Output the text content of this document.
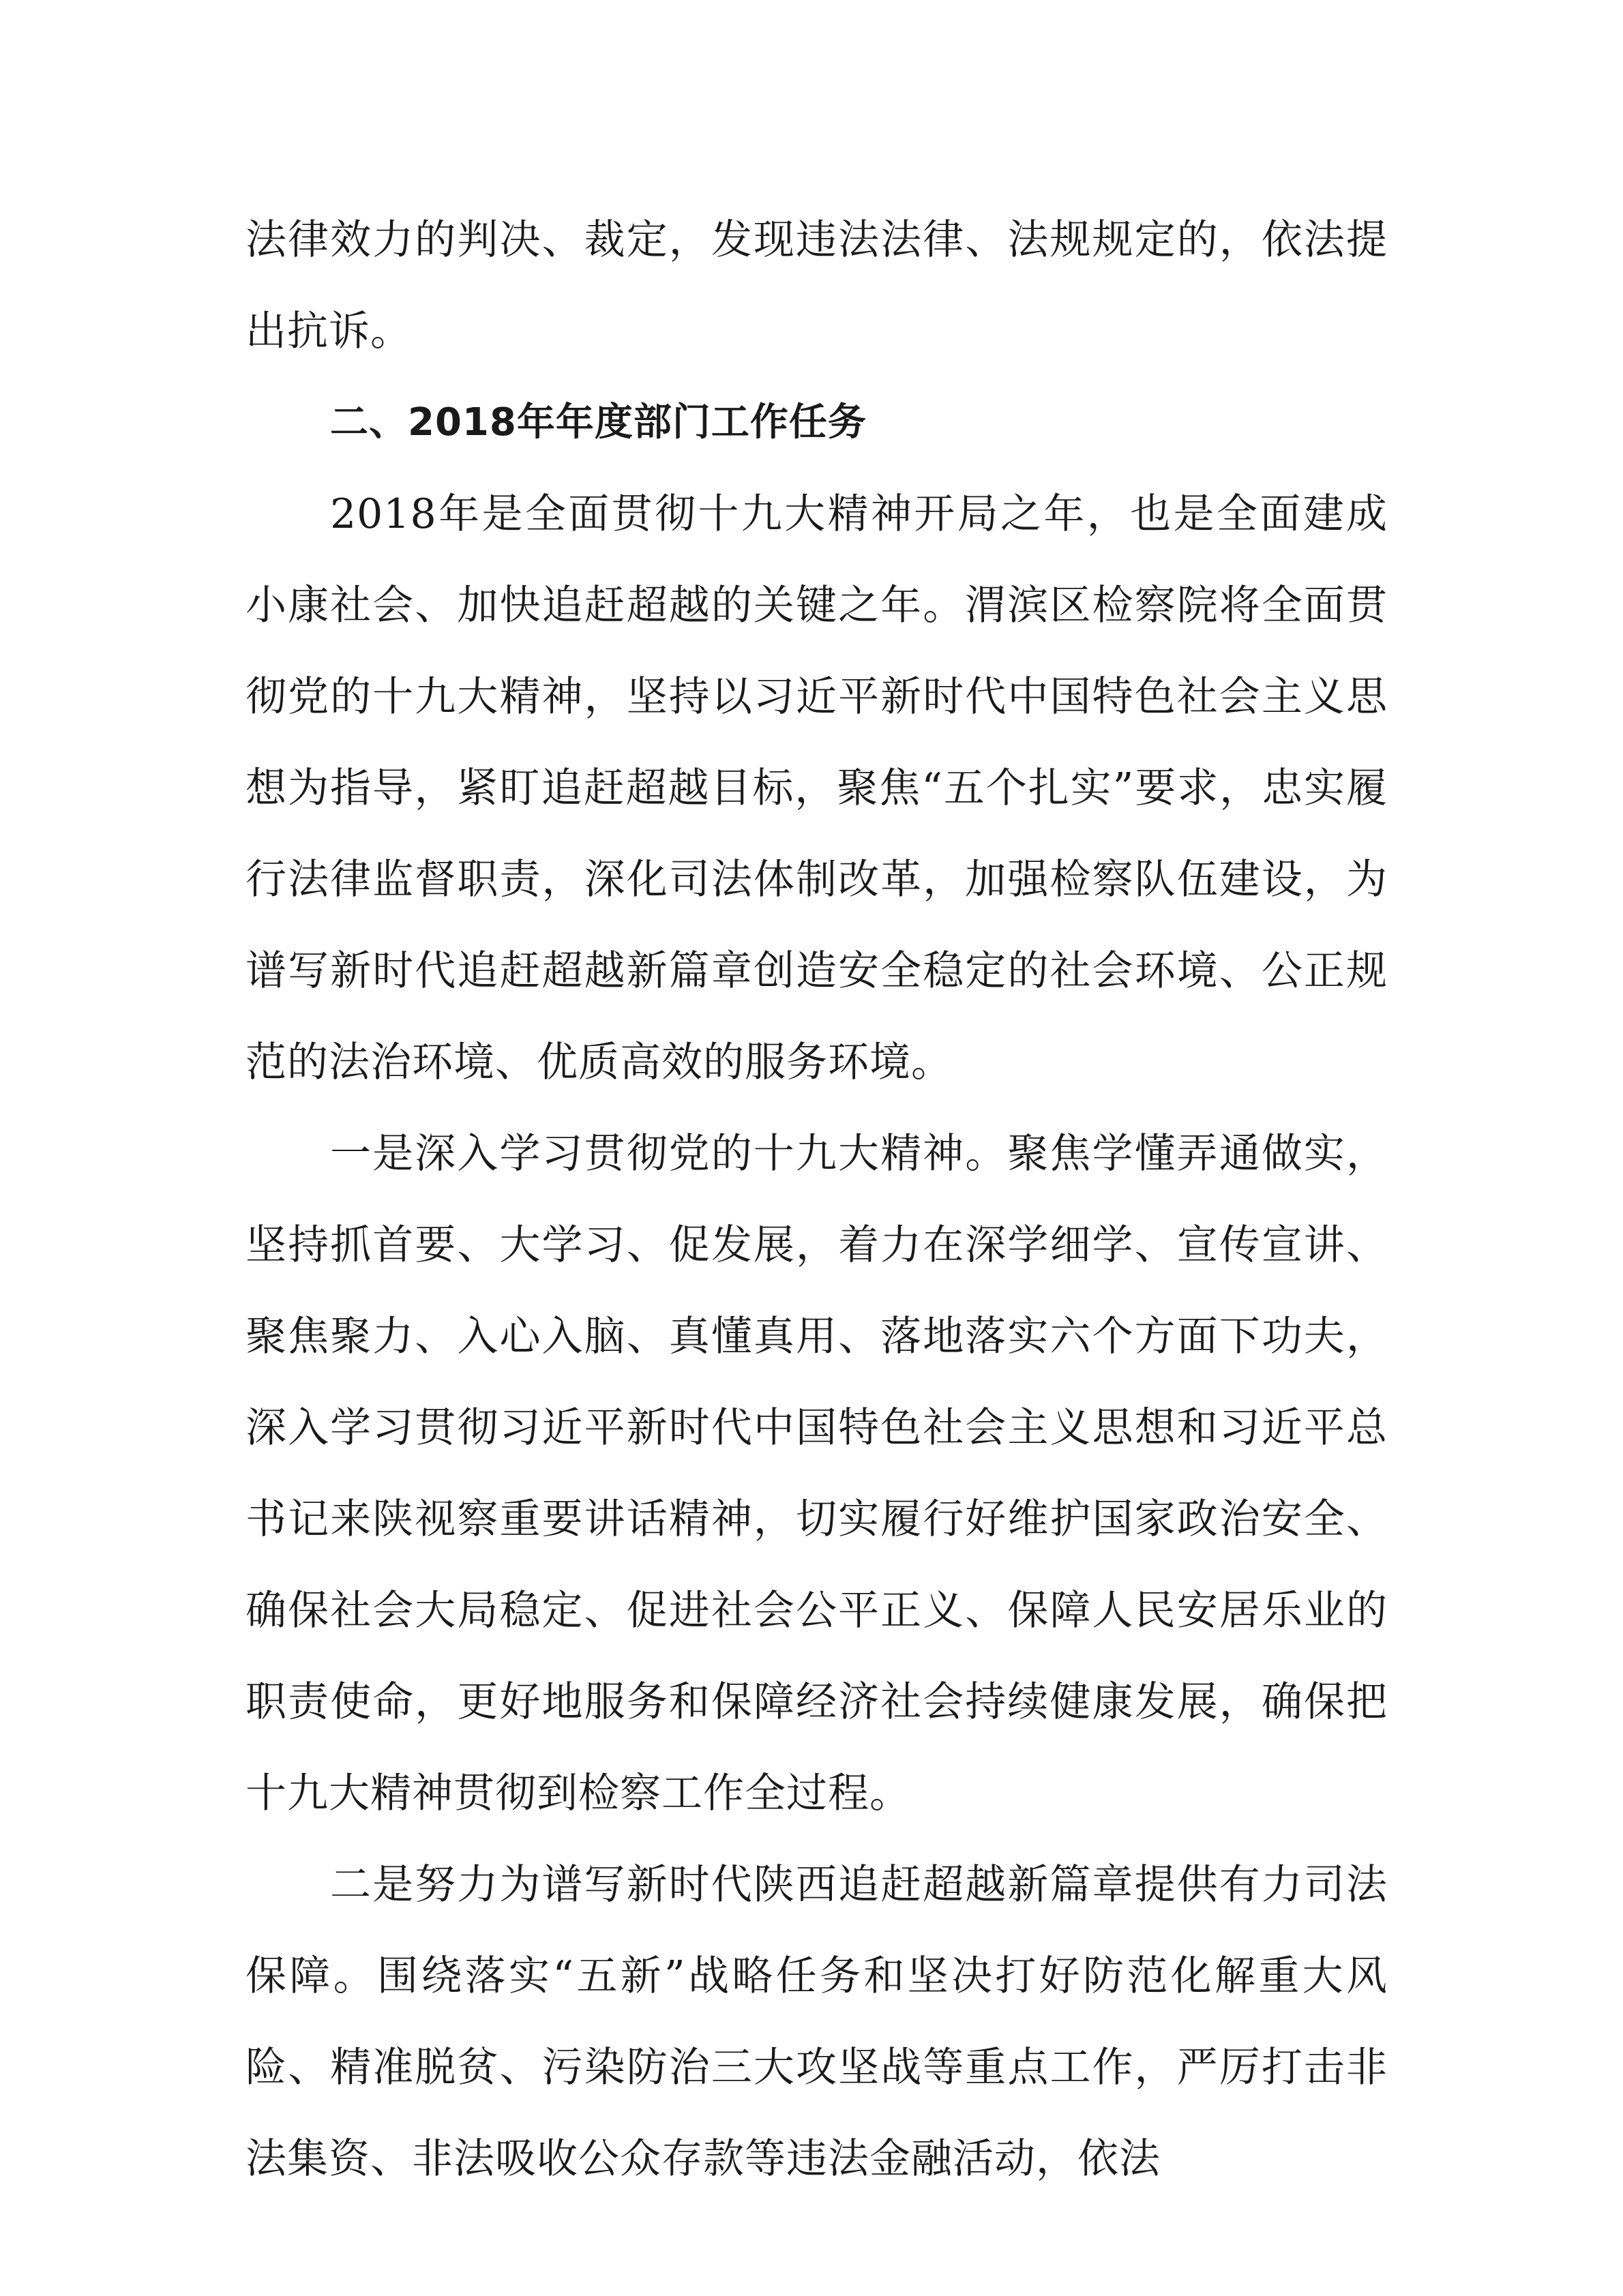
法律效力的判决、裁定，发现违法法律、法规规定的，依法提出抗诉。

二、2018年年度部门工作任务

2018年是全面贯彻十九大精神开局之年，也是全面建成小康社会、加快追赶超越的关键之年。渭滨区检察院将全面贯彻党的十九大精神，坚持以习近平新时代中国特色社会主义思想为指导，紧盯追赶超越目标，聚焦“五个扎实”要求，忠实履行法律监督职责，深化司法体制改革，加强检察队伍建设，为谱写新时代追赶超越新篇章创造安全稳定的社会环境、公正规范的法治环境、优质高效的服务环境。

一是深入学习贯彻党的十九大精神。聚焦学懂弄通做实，坚持抓首要、大学习、促发展，着力在深学细学、宣传宣讲、聚焦聚力、入心入脑、真懂真用、落地落实六个方面下功夫，深入学习贯彻习近平新时代中国特色社会主义思想和习近平总书记来陕视察重要讲话精神，切实履行好维护国家政治安全、确保社会大局稳定、促进社会公平正义、保障人民安居乐业的职责使命，更好地服务和保障经济社会持续健康发展，确保把十九大精神贯彻到检察工作全过程。

二是努力为谱写新时代陕西追赶超越新篇章提供有力司法保障。围绕落实“五新”战略任务和坚决打好防范化解重大风险、精准脱贫、污染防治三大攻坚战等重点工作，严厉打击非法集资、非法吸收公众存款等违法金融活动，依法
